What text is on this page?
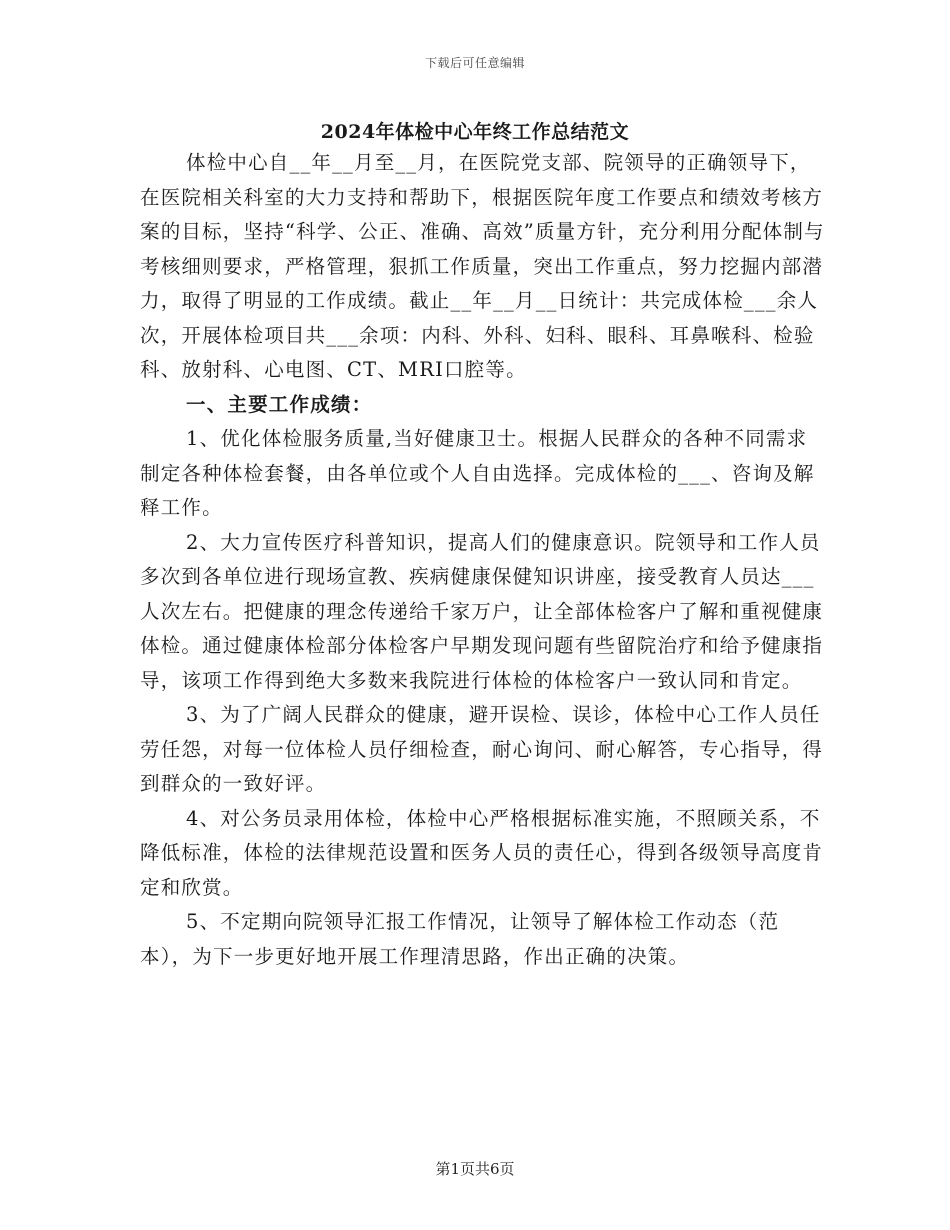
下载后可任意编辑
2024年体检中心年终工作总结范文

体检中心自__年__月至__月，在医院党支部、院领导的正确领导下，在医院相关科室的大力支持和帮助下，根据医院年度工作要点和绩效考核方案的目标，坚持“科学、公正、准确、高效”质量方针，充分利用分配体制与考核细则要求，严格管理，狠抓工作质量，突出工作重点，努力挖掘内部潜力，取得了明显的工作成绩。截止__年__月__日统计：共完成体检___余人次，开展体检项目共___余项：内科、外科、妇科、眼科、耳鼻喉科、检验科、放射科、心电图、CT、MRI口腔等。

一、主要工作成绩：

1、优化体检服务质量,当好健康卫士。根据人民群众的各种不同需求制定各种体检套餐，由各单位或个人自由选择。完成体检的___、咨询及解释工作。

2、大力宣传医疗科普知识，提高人们的健康意识。院领导和工作人员多次到各单位进行现场宣教、疾病健康保健知识讲座，接受教育人员达___人次左右。把健康的理念传递给千家万户，让全部体检客户了解和重视健康体检。通过健康体检部分体检客户早期发现问题有些留院治疗和给予健康指导，该项工作得到绝大多数来我院进行体检的体检客户一致认同和肯定。

3、为了广阔人民群众的健康，避开误检、误诊，体检中心工作人员任劳任怨，对每一位体检人员仔细检查，耐心询问、耐心解答，专心指导，得到群众的一致好评。

4、对公务员录用体检，体检中心严格根据标准实施，不照顾关系，不降低标准，体检的法律规范设置和医务人员的责任心，得到各级领导高度肯定和欣赏。

5、不定期向院领导汇报工作情况，让领导了解体检工作动态（范本），为下一步更好地开展工作理清思路，作出正确的决策。

第1页共6页
